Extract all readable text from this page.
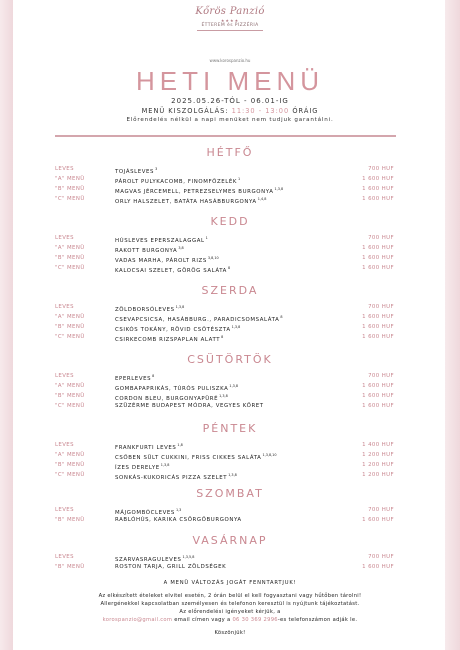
Kőrös Panzió
★★★★
ÉTTEREM és PIZZÉRIA
www.korospanzio.hu
HETI MENÜ
2025.05.26-TÓL - 06.01-IG
MENÜ KISZOLGÁLÁS: 11:30 - 13:00 ÓRÁIG
Előrendelés nélkül a napi menüket nem tudjuk garantálni.
HÉTFŐ
LEVES	TOJÁSLEVES$^3$	700 HUF
"A" MENÜ	PÁROLT PULYKACOMB, FINOMFŐZELÉK$^1$	1 600 HUF
"B" MENÜ	MAGVAS JÉRCEMELL, PETREZSELYMES BURGONYA$^{1,3,8}$	1 600 HUF
"C" MENÜ	ORLY HALSZELET, BATÁTA HASÁBBURGONYA$^{1,4,8}$	1 600 HUF
KEDD
LEVES	HÚSLEVES EPERSZALAGGAL$^1$	700 HUF
"A" MENÜ	RAKOTT BURGONYA$^{3,8}$	1 600 HUF
"B" MENÜ	VADAS MARHA, PÁROLT RIZS$^{3,8,10}$	1 600 HUF
"C" MENÜ	KALOCSAI SZELET, GÖRÖG SALÁTA$^8$	1 600 HUF
SZERDA
LEVES	ZÖLDBORSÓLEVES$^{1,3,8}$	700 HUF
"A" MENÜ	CSEVAPCSICSA, HASÁBBURG., PARADICSOMSALÁTA$^8$	1 600 HUF
"B" MENÜ	CSIKÓS TOKÁNY, RÖVID CSŐTÉSZTA$^{1,3,8}$	1 600 HUF
"C" MENÜ	CSIRKECOMB RIZSPAPLAN ALATT$^8$	1 600 HUF
CSÜTÖRTÖK
LEVES	EPERLEVES$^8$	700 HUF
"A" MENÜ	GOMBAPAPRIKÁS, TÚRÓS PULISZKA$^{1,3,8}$	1 600 HUF
"B" MENÜ	CORDON BLEU, BURGONYAPÜRÉ$^{1,3,8}$	1 600 HUF
"C" MENÜ	SZÜZÉRME BUDAPEST MÓDRA, VEGYES KÖRET	1 600 HUF
PÉNTEK
LEVES	FRANKFURTI LEVES$^{1,8}$	1 400 HUF
"A" MENÜ	CSŐBEN SÜLT CUKKINI, FRISS CIKKES SALÁTA$^{1,3,8,10}$	1 200 HUF
"B" MENÜ	ÍZES DERELYE$^{1,3,8}$	1 200 HUF
"C" MENÜ	SONKÁS-KUKORICÁS PIZZA SZELET$^{1,3,8}$	1 200 HUF
SZOMBAT
LEVES	MÁJGOMBÓCLEVES$^{1,3}$	700 HUF
"B" MENÜ	RABLÓHÚS, KARIKA CSÖRGŐBURGONYA	1 600 HUF
VASÁRNAP
LEVES	SZARVASRAGULEVES$^{1,3,5,8}$	700 HUF
"B" MENÜ	ROSTON TARJA, GRILL ZÖLDSÉGEK	1 600 HUF
A MENÜ VÁLTOZÁS JOGÁT FENNTARTJUK!
Az elkészített ételeket elvitel esetén, 2 órán belül el kell fogyasztani vagy hűtőben tárolni!
Allergénekkel kapcsolatban személyesen és telefonon keresztül is nyújtunk tájékoztatást.
Az előrendelési igényeket kérjük, a
korospanzio@gmail.com email címen vagy a 06 30 369 2996-es telefonszámon adják le.
Köszönjük!
